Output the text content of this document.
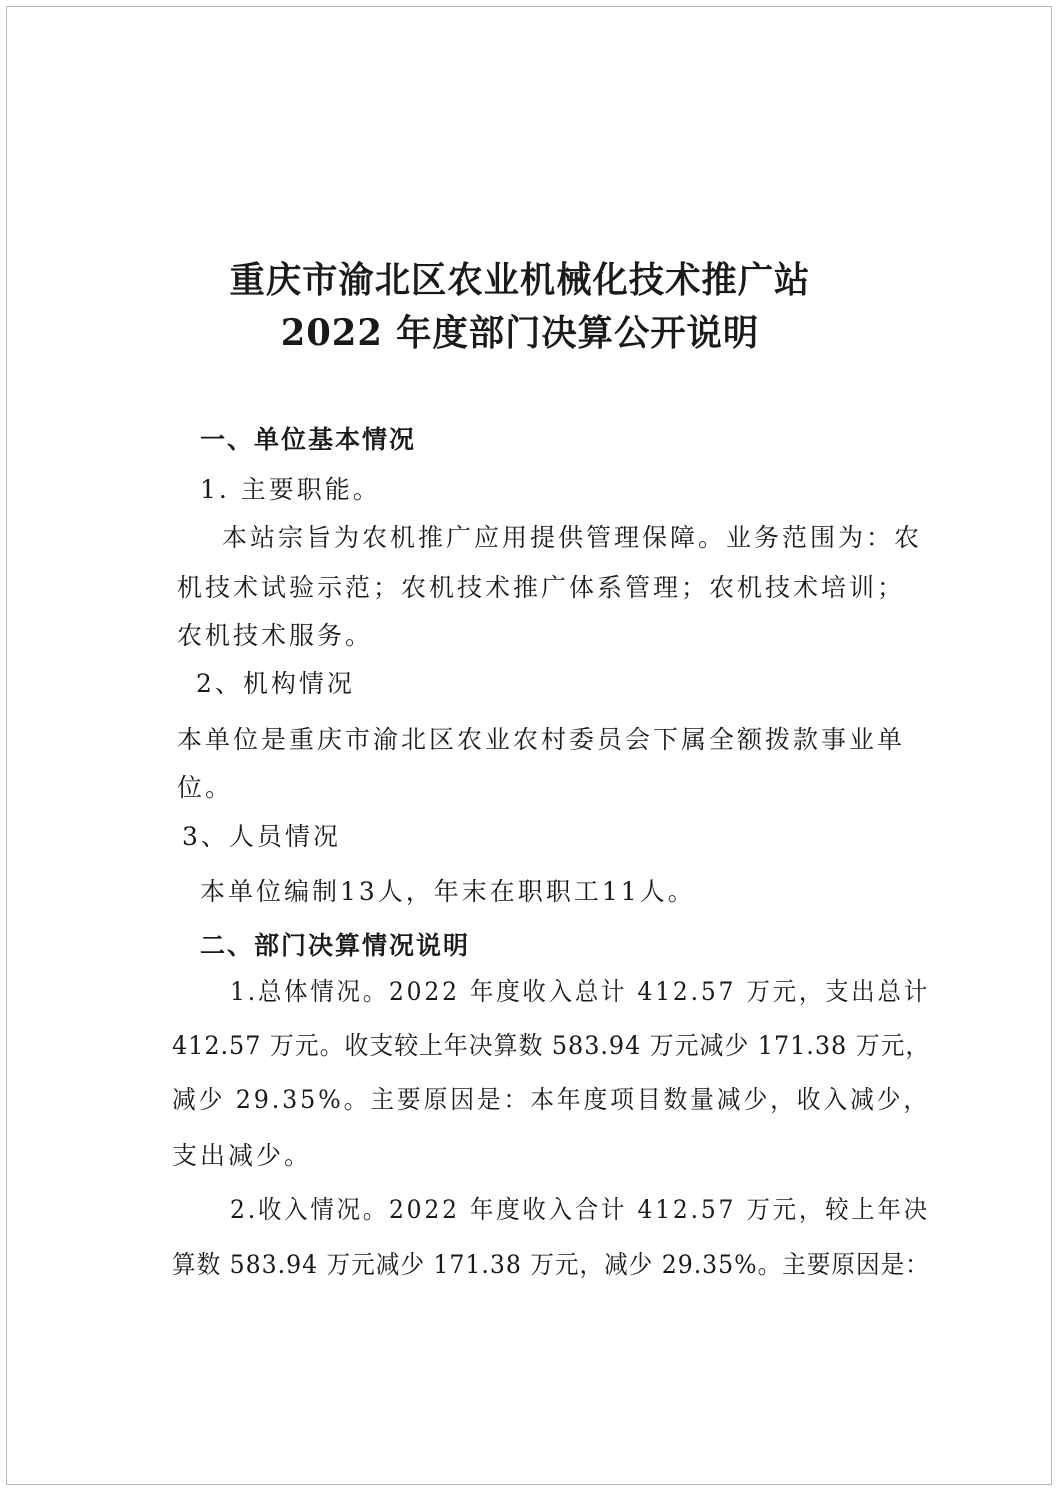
重庆市渝北区农业机械化技术推广站
2022 年度部门决算公开说明
一、单位基本情况
1. 主要职能。
本站宗旨为农机推广应用提供管理保障。业务范围为：农
机技术试验示范；农机技术推广体系管理；农机技术培训；
农机技术服务。
2、机构情况
本单位是重庆市渝北区农业农村委员会下属全额拨款事业单
位。
3、人员情况
本单位编制13人，年末在职职工11人。
二、部门决算情况说明
1.总体情况。2022 年度收入总计 412.57 万元，支出总计
412.57 万元。收支较上年决算数 583.94 万元减少 171.38 万元，
减少 29.35%。主要原因是：本年度项目数量减少，收入减少，
支出减少。
2.收入情况。2022 年度收入合计 412.57 万元，较上年决
算数 583.94 万元减少 171.38 万元，减少 29.35%。主要原因是：
